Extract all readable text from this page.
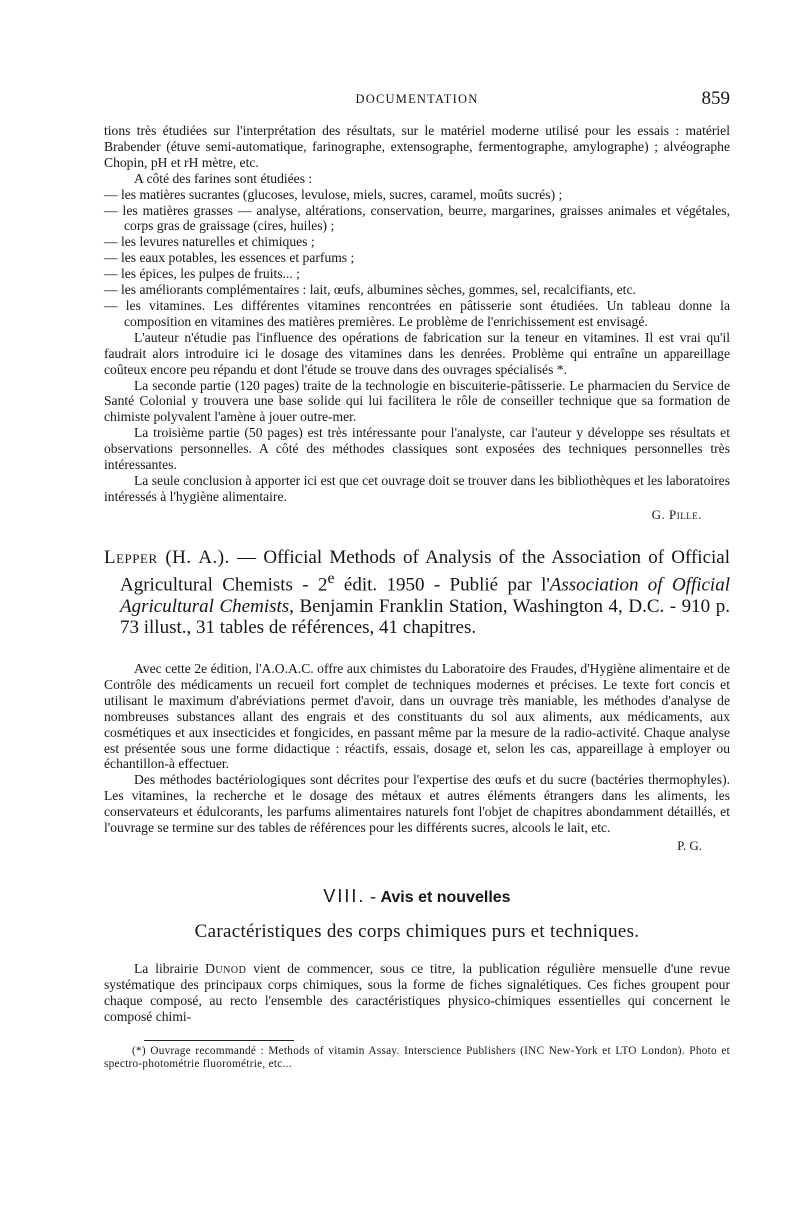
DOCUMENTATION	859

tions très étudiées sur l'interprétation des résultats, sur le matériel moderne utilisé pour les essais : matériel Brabender (étuve semi-automatique, farinographe, extensographe, fermentographe, amylographe) ; alvéographe Chopin, pH et rH mètre, etc.

A côté des farines sont étudiées :

— les matières sucrantes (glucoses, levulose, miels, sucres, caramel, moûts sucrés) ;

— les matières grasses — analyse, altérations, conservation, beurre, margarines, graisses animales et végétales, corps gras de graissage (cires, huiles) ;

— les levures naturelles et chimiques ;

— les eaux potables, les essences et parfums ;

— les épices, les pulpes de fruits... ;

— les améliorants complémentaires : lait, œufs, albumines sèches, gommes, sel, recalcifiants, etc.

— les vitamines. Les différentes vitamines rencontrées en pâtisserie sont étudiées. Un tableau donne la composition en vitamines des matières premières. Le problème de l'enrichissement est envisagé.

L'auteur n'étudie pas l'influence des opérations de fabrication sur la teneur en vitamines. Il est vrai qu'il faudrait alors introduire ici le dosage des vitamines dans les denrées. Problème qui entraîne un appareillage coûteux encore peu répandu et dont l'étude se trouve dans des ouvrages spécialisés *.

La seconde partie (120 pages) traite de la technologie en biscuiterie-pâtisserie. Le pharmacien du Service de Santé Colonial y trouvera une base solide qui lui facilitera le rôle de conseiller technique que sa formation de chimiste polyvalent l'amène à jouer outre-mer.

La troisième partie (50 pages) est très intéressante pour l'analyste, car l'auteur y développe ses résultats et observations personnelles. A côté des méthodes classiques sont exposées des techniques personnelles très intéressantes.

La seule conclusion à apporter ici est que cet ouvrage doit se trouver dans les bibliothèques et les laboratoires intéressés à l'hygiène alimentaire.

G. Pille.

Lepper (H. A.). — Official Methods of Analysis of the Association of Official Agricultural Chemists - 2e édit. 1950 - Publié par l'Association of Official Agricultural Chemists, Benjamin Franklin Station, Washington 4, D.C. - 910 p. 73 illust., 31 tables de références, 41 chapitres.

Avec cette 2e édition, l'A.O.A.C. offre aux chimistes du Laboratoire des Fraudes, d'Hygiène alimentaire et de Contrôle des médicaments un recueil fort complet de techniques modernes et précises. Le texte fort concis et utilisant le maximum d'abréviations permet d'avoir, dans un ouvrage très maniable, les méthodes d'analyse de nombreuses substances allant des engrais et des constituants du sol aux aliments, aux médicaments, aux cosmétiques et aux insecticides et fongicides, en passant même par la mesure de la radio-activité. Chaque analyse est présentée sous une forme didactique : réactifs, essais, dosage et, selon les cas, appareillage à employer ou échantillon-à effectuer.

Des méthodes bactériologiques sont décrites pour l'expertise des œufs et du sucre (bactéries thermophyles). Les vitamines, la recherche et le dosage des métaux et autres éléments étrangers dans les aliments, les conservateurs et édulcorants, les parfums alimentaires naturels font l'objet de chapitres abondamment détaillés, et l'ouvrage se termine sur des tables de références pour les différents sucres, alcools le lait, etc.

P. G.

VIII. - Avis et nouvelles
Caractéristiques des corps chimiques purs et techniques.

La librairie Dunod vient de commencer, sous ce titre, la publication régulière mensuelle d'une revue systématique des principaux corps chimiques, sous la forme de fiches signalétiques. Ces fiches groupent pour chaque composé, au recto l'ensemble des caractéristiques physico-chimiques essentielles qui concernent le composé chimi-

(*) Ouvrage recommandé : Methods of vitamin Assay. Interscience Publishers (INC New-York et LTO London). Photo et spectro-photométrie fluorométrie, etc...
